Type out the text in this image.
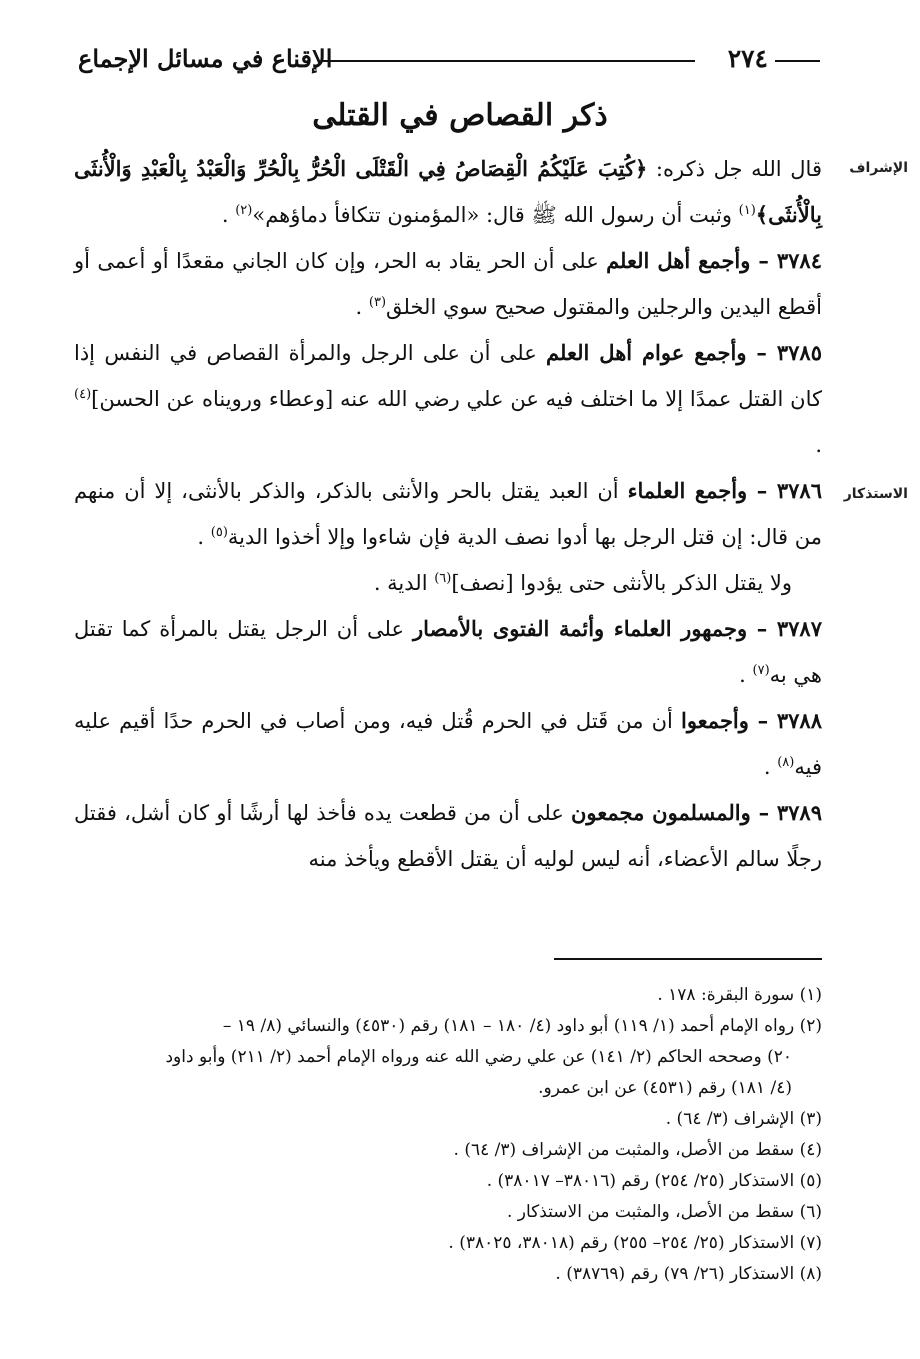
٢٧٤
الإقناع في مسائل الإجماع
ذكر القصاص في القتلى
الإشراف
الاستذكار

قال الله جل ذكره: ﴿كُتِبَ عَلَيْكُمُ الْقِصَاصُ فِي الْقَتْلَى الْحُرُّ بِالْحُرِّ وَالْعَبْدُ بِالْعَبْدِ وَالْأُنثَى بِالْأُنثَى﴾$^{(١)}$ وثبت أن رسول الله ﷺ قال: «المؤمنون تتكافأ دماؤهم»$^{(٢)}$ .

٣٧٨٤ – وأجمع أهل العلم على أن الحر يقاد به الحر، وإن كان الجاني مقعدًا أو أعمى أو أقطع اليدين والرجلين والمقتول صحيح سوي الخلق$^{(٣)}$ .

٣٧٨٥ – وأجمع عوام أهل العلم على أن على الرجل والمرأة القصاص في النفس إذا كان القتل عمدًا إلا ما اختلف فيه عن علي رضي الله عنه [وعطاء ورويناه عن الحسن]$^{(٤)}$ .

٣٧٨٦ – وأجمع العلماء أن العبد يقتل بالحر والأنثى بالذكر، والذكر بالأنثى، إلا أن منهم من قال: إن قتل الرجل بها أدوا نصف الدية فإن شاءوا وإلا أخذوا الدية$^{(٥)}$ .

ولا يقتل الذكر بالأنثى حتى يؤدوا [نصف]$^{(٦)}$ الدية .

٣٧٨٧ – وجمهور العلماء وأئمة الفتوى بالأمصار على أن الرجل يقتل بالمرأة كما تقتل هي به$^{(٧)}$ .

٣٧٨٨ – وأجمعوا أن من قَتل في الحرم قُتل فيه، ومن أصاب في الحرم حدًا أقيم عليه فيه$^{(٨)}$ .

٣٧٨٩ – والمسلمون مجمعون على أن من قطعت يده فأخذ لها أرشًا أو كان أشل، فقتل رجلًا سالم الأعضاء، أنه ليس لوليه أن يقتل الأقطع ويأخذ منه

(١) سورة البقرة: ١٧٨ .

(٢) رواه الإمام أحمد (١/ ١١٩) أبو داود (٤/ ١٨٠ – ١٨١) رقم (٤٥٣٠) والنسائي (٨/ ١٩ –

٢٠) وصححه الحاكم (٢/ ١٤١) عن علي رضي الله عنه ورواه الإمام أحمد (٢/ ٢١١) وأبو داود

(٤/ ١٨١) رقم (٤٥٣١) عن ابن عمرو.

(٣) الإشراف (٣/ ٦٤) .

(٤) سقط من الأصل، والمثبت من الإشراف (٣/ ٦٤) .

(٥) الاستذكار (٢٥/ ٢٥٤) رقم (٣٨٠١٦– ٣٨٠١٧) .

(٦) سقط من الأصل، والمثبت من الاستذكار .

(٧) الاستذكار (٢٥/ ٢٥٤– ٢٥٥) رقم (٣٨٠١٨، ٣٨٠٢٥) .

(٨) الاستذكار (٢٦/ ٧٩) رقم (٣٨٧٦٩) .
